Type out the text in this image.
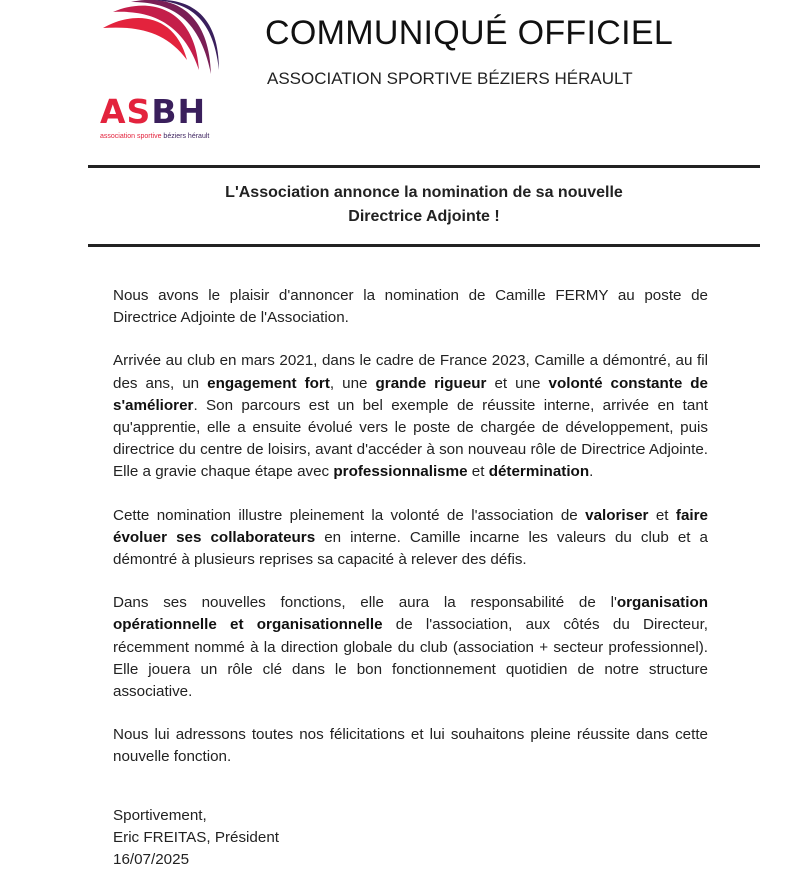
ASBH
association sportive béziers hérault
COMMUNIQUÉ OFFICIEL
ASSOCIATION SPORTIVE BÉZIERS HÉRAULT
L'Association annonce la nomination de sa nouvelle
Directrice Adjointe !

Nous avons le plaisir d'annoncer la nomination de Camille FERMY au poste de Directrice Adjointe de l'Association.

Arrivée au club en mars 2021, dans le cadre de France 2023, Camille a démontré, au fil des ans, un engagement fort, une grande rigueur et une volonté constante de s'améliorer. Son parcours est un bel exemple de réussite interne, arrivée en tant qu'apprentie, elle a ensuite évolué vers le poste de chargée de développement, puis directrice du centre de loisirs, avant d'accéder à son nouveau rôle de Directrice Adjointe. Elle a gravie chaque étape avec professionnalisme et détermination.

Cette nomination illustre pleinement la volonté de l'association de valoriser et faire évoluer ses collaborateurs en interne. Camille incarne les valeurs du club et a démontré à plusieurs reprises sa capacité à relever des défis.

Dans ses nouvelles fonctions, elle aura la responsabilité de l'organisation opérationnelle et organisationnelle de l'association, aux côtés du Directeur, récemment nommé à la direction globale du club (association + secteur professionnel). Elle jouera un rôle clé dans le bon fonctionnement quotidien de notre structure associative.

Nous lui adressons toutes nos félicitations et lui souhaitons pleine réussite dans cette nouvelle fonction.

Sportivement,
Eric FREITAS, Président
16/07/2025
